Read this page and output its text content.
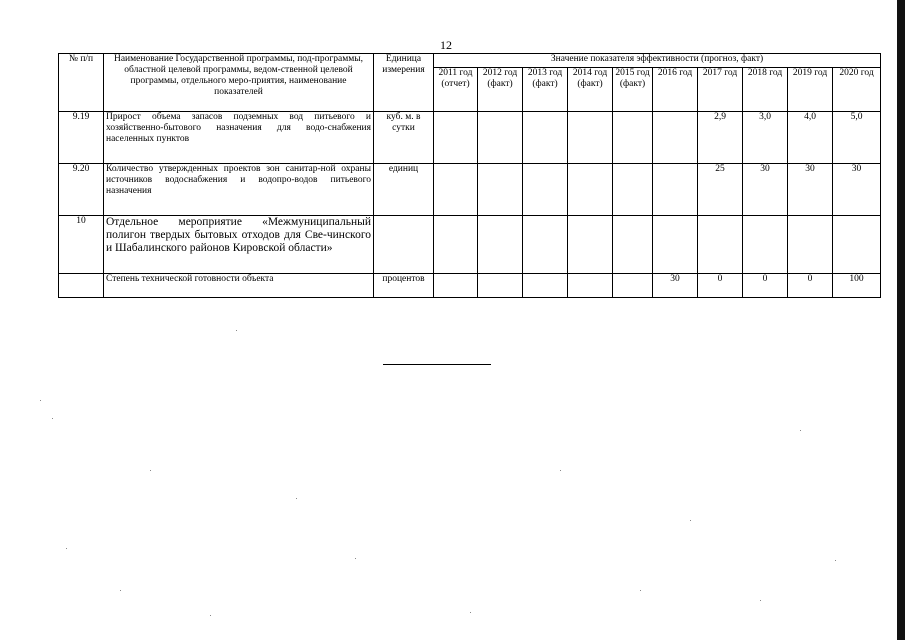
12
№ п/п	Наименование Государственной программы, под-программы, областной целевой программы, ведом-ственной целевой программы, отдельного меро-приятия, наименование показателей	Единица измерения	Значение показателя эффективности (прогноз, факт)									
			2011 год (отчет)	2012 год (факт)	2013 год (факт)	2014 год (факт)	2015 год (факт)	2016 год	2017 год	2018 год	2019 год	2020 год
9.19	Прирост объема запасов подземных вод питьевого и хозяйственно-бытового назначения для водо-снабжения населенных пунктов	куб. м. в сутки							2,9	3,0	4,0	5,0
9.20	Количество утвержденных проектов зон санитар-ной охраны источников водоснабжения и водопро-водов питьевого назначения	единиц							25	30	30	30
10	Отдельное мероприятие «Межмуниципальный полигон твердых бытовых отходов для Све-чинского и Шабалинского районов Кировской области»											
	Степень технической готовности объекта	процентов						30	0	0	0	100
